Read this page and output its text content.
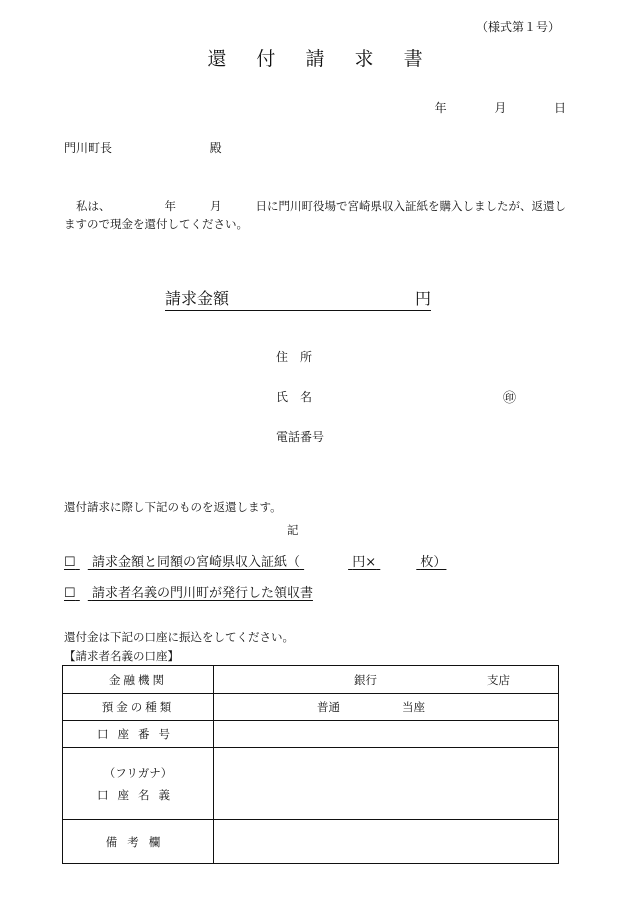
（様式第１号）
還 付 請 求 書
年	月	日
門川町長	殿
私は、	年	月	日に門川町役場で宮崎県収入証紙を購入しましたが、返還しますので現金を還付してください。
請求金額	円
住　所
氏　名	㊞
電話番号
還付請求に際し下記のものを返還します。
記
☐ 請求金額と同額の宮崎県収入証紙（	円×	枚）
☐ 請求者名義の門川町が発行した領収書
還付金は下記の口座に振込をしてください。
【請求者名義の口座】
金融機関	銀行 支店
預金の種類	普通 当座
口座番号	

（フリガナ）
口座名義	

備考欄	
